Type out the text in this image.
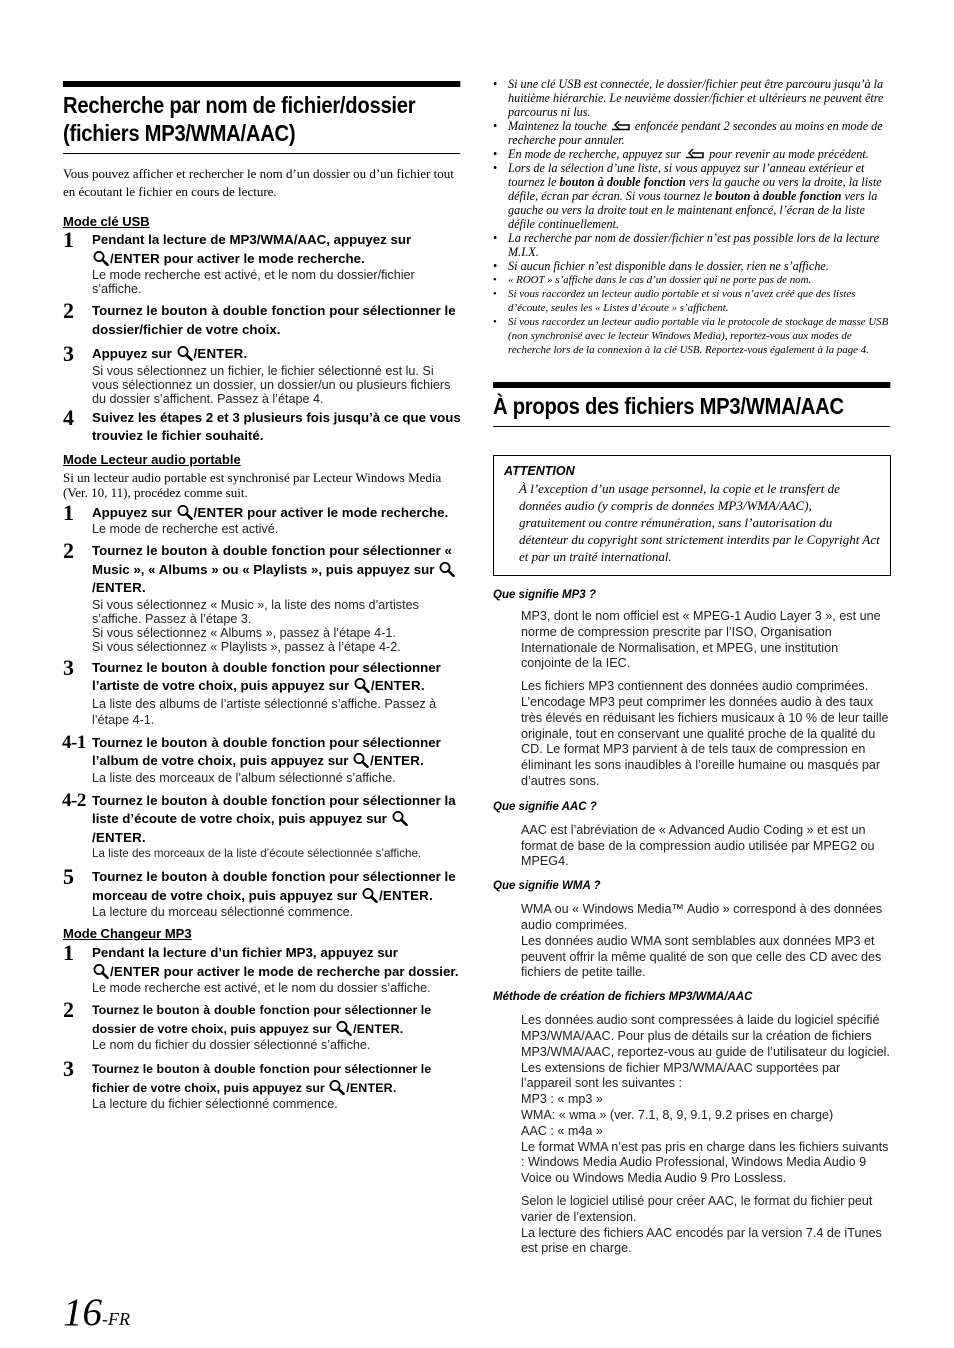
Recherche par nom de fichier/dossier
(fichiers MP3/WMA/AAC)

Vous pouvez afficher et rechercher le nom d’un dossier ou d’un fichier tout en écoutant le fichier en cours de lecture.

Mode clé USB

1 Pendant la lecture de MP3/WMA/AAC, appuyez sur
/ENTER pour activer le mode recherche.

Le mode recherche est activé, et le nom du dossier/fichier s’affiche.

2 Tournez le bouton à double fonction pour sélectionner le dossier/fichier de votre choix.

3 Appuyez sur /ENTER.

Si vous sélectionnez un fichier, le fichier sélectionné est lu. Si vous sélectionnez un dossier, un dossier/un ou plusieurs fichiers du dossier s’affichent. Passez à l’étape 4.

4 Suivez les étapes 2 et 3 plusieurs fois jusqu’à ce que vous trouviez le fichier souhaité.

Mode Lecteur audio portable

Si un lecteur audio portable est synchronisé par Lecteur Windows Media (Ver. 10, 11), procédez comme suit.

1 Appuyez sur /ENTER pour activer le mode recherche.

Le mode de recherche est activé.

2 Tournez le bouton à double fonction pour sélectionner « Music », « Albums » ou « Playlists », puis appuyez sur /ENTER.

Si vous sélectionnez « Music », la liste des noms d’artistes s’affiche. Passez à l’étape 3.

Si vous sélectionnez « Albums », passez à l’étape 4-1.

Si vous sélectionnez « Playlists », passez à l’étape 4-2.

3 Tournez le bouton à double fonction pour sélectionner l’artiste de votre choix, puis appuyez sur /ENTER.

La liste des albums de l’artiste sélectionné s’affiche. Passez à l’étape 4-1.

4-1 Tournez le bouton à double fonction pour sélectionner l’album de votre choix, puis appuyez sur /ENTER.

La liste des morceaux de l’album sélectionné s’affiche.

4-2 Tournez le bouton à double fonction pour sélectionner la liste d’écoute de votre choix, puis appuyez sur /ENTER.

La liste des morceaux de la liste d’écoute sélectionnée s’affiche.

5 Tournez le bouton à double fonction pour sélectionner le morceau de votre choix, puis appuyez sur /ENTER.

La lecture du morceau sélectionné commence.

Mode Changeur MP3

1 Pendant la lecture d’un fichier MP3, appuyez sur
/ENTER pour activer le mode de recherche par dossier.

Le mode recherche est activé, et le nom du dossier s’affiche.

2 Tournez le bouton à double fonction pour sélectionner le dossier de votre choix, puis appuyez sur /ENTER.

Le nom du fichier du dossier sélectionné s’affiche.

3 Tournez le bouton à double fonction pour sélectionner le fichier de votre choix, puis appuyez sur /ENTER.

La lecture du fichier sélectionné commence.

• Si une clé USB est connectée, le dossier/fichier peut être parcouru jusqu’à la huitième hiérarchie. Le neuvième dossier/fichier et ultérieurs ne peuvent être parcourus ni lus.
• Maintenez la touche  enfoncée pendant 2 secondes au moins en mode de recherche pour annuler.
• En mode de recherche, appuyez sur  pour revenir au mode précédent.
• Lors de la sélection d’une liste, si vous appuyez sur l’anneau extérieur et tournez le bouton à double fonction vers la gauche ou vers la droite, la liste défile, écran par écran. Si vous tournez le bouton à double fonction vers la gauche ou vers la droite tout en le maintenant enfoncé, l’écran de la liste défile continuellement.
• La recherche par nom de dossier/fichier n’est pas possible lors de la lecture M.I.X.
• Si aucun fichier n’est disponible dans le dossier, rien ne s’affiche.
• « ROOT » s’affiche dans le cas d’un dossier qui ne porte pas de nom.
• Si vous raccordez un lecteur audio portable et si vous n’avez créé que des listes d’écoute, seules les « Listes d’écoute » s’affichent.
• Si vous raccordez un lecteur audio portable via le protocole de stockage de masse USB (non synchronisé avec le lecteur Windows Media), reportez-vous aux modes de recherche lors de la connexion à la clé USB. Reportez-vous également à la page 4.
À propos des fichiers MP3/WMA/AAC

ATTENTION

À l’exception d’un usage personnel, la copie et le transfert de données audio (y compris de données MP3/WMA/AAC), gratuitement ou contre rémunération, sans l’autorisation du détenteur du copyright sont strictement interdits par le Copyright Act et par un traité international.

Que signifie MP3 ?

MP3, dont le nom officiel est « MPEG-1 Audio Layer 3 », est une norme de compression prescrite par l’ISO, Organisation Internationale de Normalisation, et MPEG, une institution conjointe de la IEC.

Les fichiers MP3 contiennent des données audio comprimées. L’encodage MP3 peut comprimer les données audio à des taux très élevés en réduisant les fichiers musicaux à 10 % de leur taille originale, tout en conservant une qualité proche de la qualité du CD. Le format MP3 parvient à de tels taux de compression en éliminant les sons inaudibles à l’oreille humaine ou masqués par d’autres sons.

Que signifie AAC ?

AAC est l’abréviation de « Advanced Audio Coding » et est un format de base de la compression audio utilisée par MPEG2 ou MPEG4.

Que signifie WMA ?

WMA ou « Windows Media™ Audio » correspond à des données audio comprimées.

Les données audio WMA sont semblables aux données MP3 et peuvent offrir la même qualité de son que celle des CD avec des fichiers de petite taille.

Méthode de création de fichiers MP3/WMA/AAC

Les données audio sont compressées à laide du logiciel spécifié MP3/WMA/AAC. Pour plus de détails sur la création de fichiers MP3/WMA/AAC, reportez-vous au guide de l’utilisateur du logiciel.

Les extensions de fichier MP3/WMA/AAC supportées par l’appareil sont les suivantes :

MP3 : « mp3 »

WMA: « wma » (ver. 7.1, 8, 9, 9.1, 9.2 prises en charge)

AAC : « m4a »

Le format WMA n’est pas pris en charge dans les fichiers suivants : Windows Media Audio Professional, Windows Media Audio 9 Voice ou Windows Media Audio 9 Pro Lossless.

Selon le logiciel utilisé pour créer AAC, le format du fichier peut varier de l’extension.

La lecture des fichiers AAC encodés par la version 7.4 de iTunes est prise en charge.

16-FR
